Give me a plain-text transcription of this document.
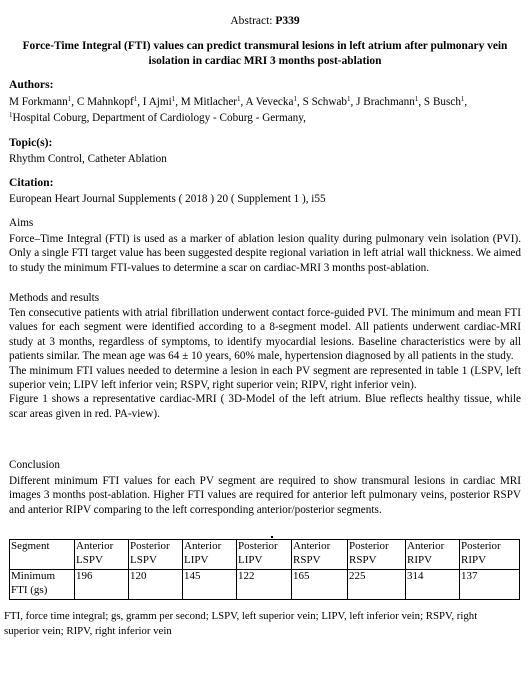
Abstract: P339
Force-Time Integral (FTI) values can predict transmural lesions in left atrium after pulmonary vein isolation in cardiac MRI 3 months post-ablation
Authors:
M Forkmann$^1$, C Mahnkopf$^1$, I Ajmi$^1$, M Mitlacher$^1$, A Vevecka$^1$, S Schwab$^1$, J Brachmann$^1$, S Busch$^1$,
$^1$Hospital Coburg, Department of Cardiology - Coburg - Germany,
Topic(s):
Rhythm Control, Catheter Ablation
Citation:
European Heart Journal Supplements ( 2018 ) 20 ( Supplement 1 ), i55
Aims
Force–Time Integral (FTI) is used as a marker of ablation lesion quality during pulmonary vein isolation (PVI). Only a single FTI target value has been suggested despite regional variation in left atrial wall thickness. We aimed to study the minimum FTI-values to determine a scar on cardiac-MRI 3 months post-ablation.
Methods and results
Ten consecutive patients with atrial fibrillation underwent contact force-guided PVI. The minimum and mean FTI values for each segment were identified according to a 8-segment model. All patients underwent cardiac-MRI study at 3 months, regardless of symptoms, to identify myocardial lesions. Baseline characteristics were by all patients similar. The mean age was 64 ± 10 years, 60% male, hypertension diagnosed by all patients in the study.
The minimum FTI values needed to determine a lesion in each PV segment are represented in table 1 (LSPV, left superior vein; LIPV left inferior vein; RSPV, right superior vein; RIPV, right inferior vein).
Figure 1 shows a representative cardiac-MRI ( 3D-Model of the left atrium. Blue reflects healthy tissue, while scar areas given in red. PA-view).
Conclusion
Different minimum FTI values for each PV segment are required to show transmural lesions in cardiac MRI images 3 months post-ablation. Higher FTI values are required for anterior left pulmonary veins, posterior RSPV and anterior RIPV comparing to the left corresponding anterior/posterior segments.
Segment	Anterior LSPV	Posterior LSPV	Anterior LIPV	Posterior LIPV	Anterior RSPV	Posterior RSPV	Anterior RIPV	Posterior RIPV
Minimum FTI (gs)	196	120	145	122	165	225	314	137
FTI, force time integral; gs, gramm per second; LSPV, left superior vein; LIPV, left inferior vein; RSPV, right superior vein; RIPV, right inferior vein
